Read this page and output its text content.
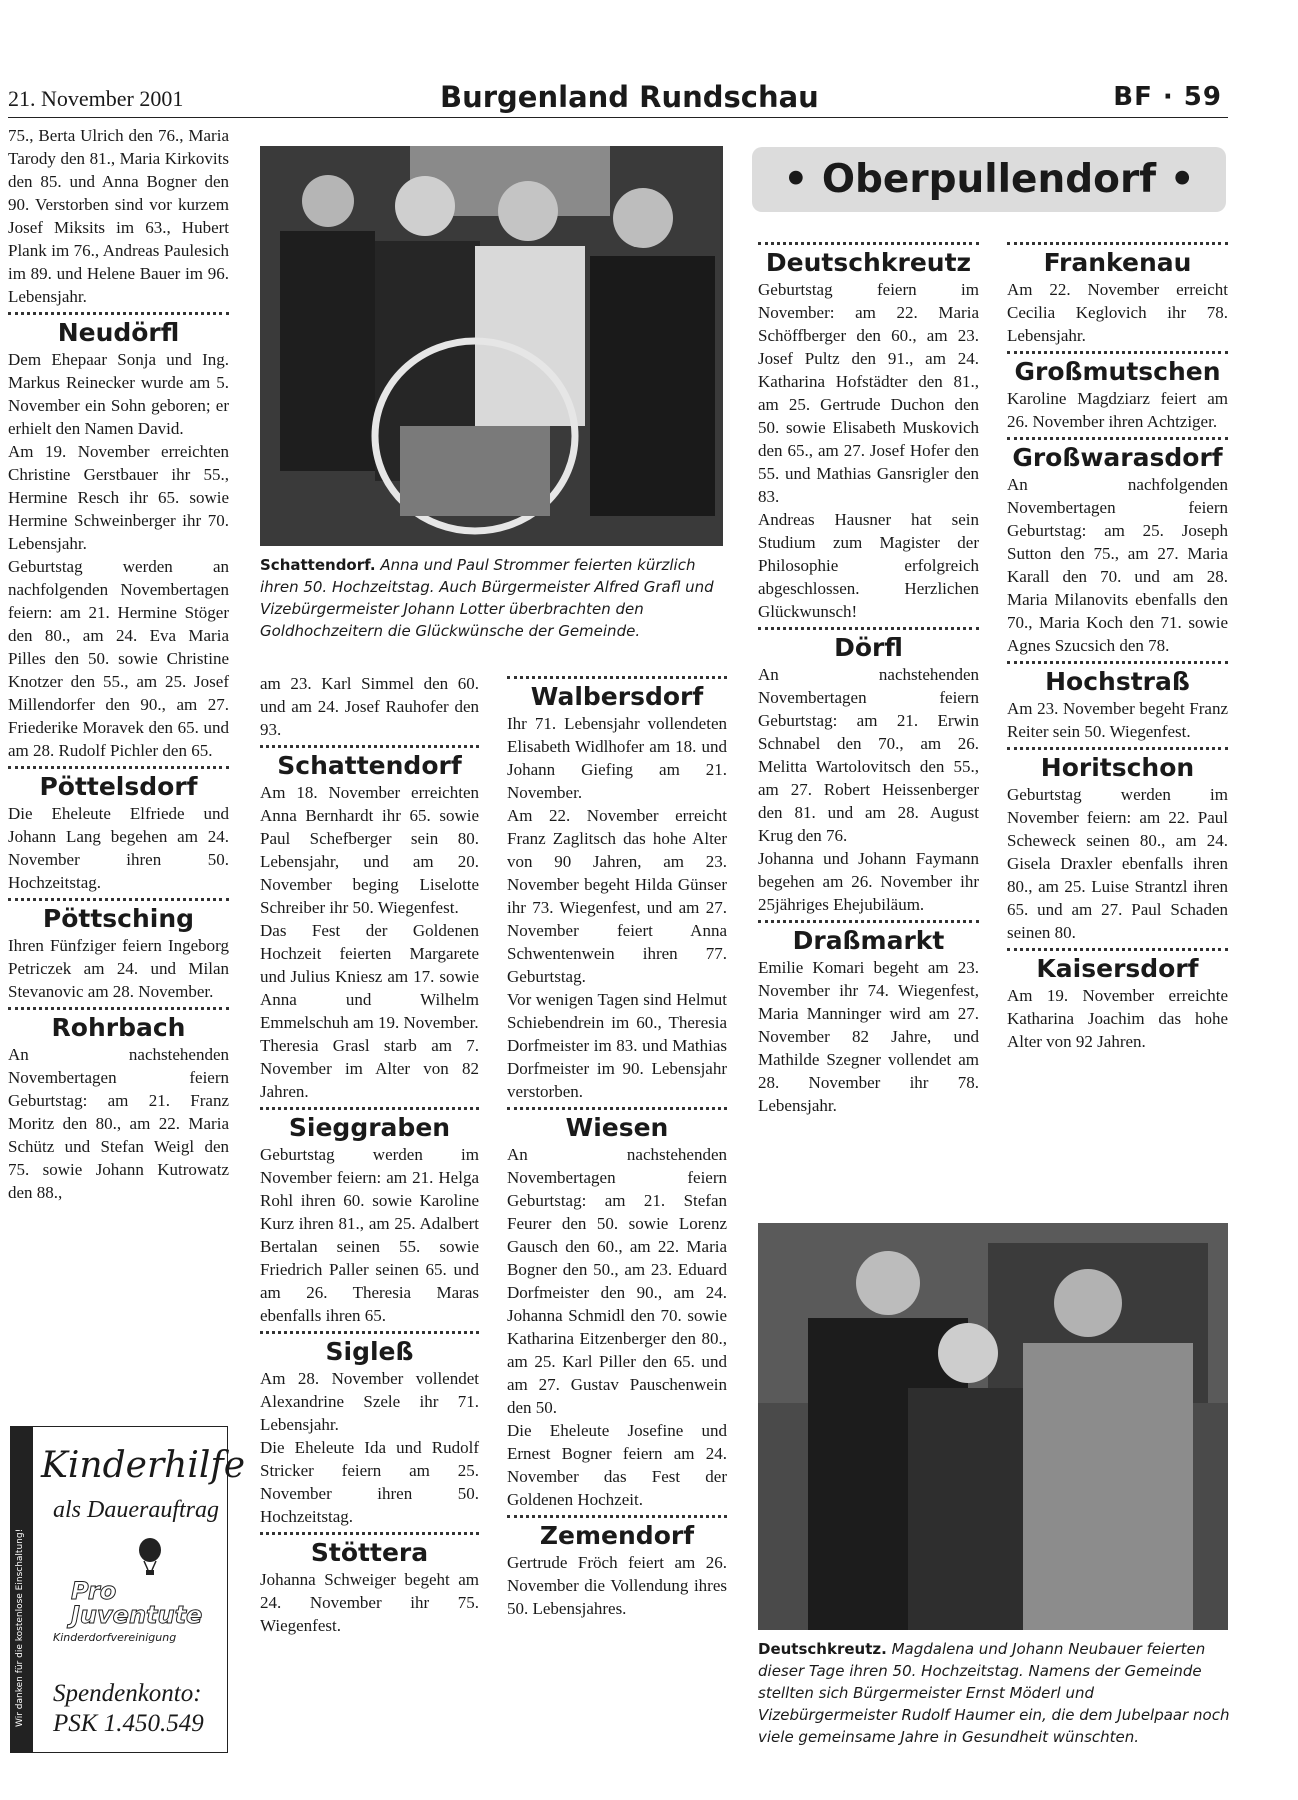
21. November 2001	Burgenland Rundschau	BF · 59

75., Berta Ulrich den 76., Maria Tarody den 81., Maria Kirkovits den 85. und Anna Bogner den 90. Verstorben sind vor kurzem Josef Miksits im 63., Hubert Plank im 76., Andreas Paulesich im 89. und Helene Bauer im 96. Lebensjahr.

Neudörfl

Dem Ehepaar Sonja und Ing. Markus Reinecker wurde am 5. November ein Sohn geboren; er erhielt den Namen David.

Am 19. November erreichten Christine Gerstbauer ihr 55., Hermine Resch ihr 65. sowie Hermine Schweinberger ihr 70. Lebensjahr.

Geburtstag werden an nachfolgenden Novembertagen feiern: am 21. Hermine Stöger den 80., am 24. Eva Maria Pilles den 50. sowie Christine Knotzer den 55., am 25. Josef Millendorfer den 90., am 27. Friederike Moravek den 65. und am 28. Rudolf Pichler den 65.

Pöttelsdorf

Die Eheleute Elfriede und Johann Lang begehen am 24. November ihren 50. Hochzeitstag.

Pöttsching

Ihren Fünfziger feiern Ingeborg Petriczek am 24. und Milan Stevanovic am 28. November.

Rohrbach

An nachstehenden Novembertagen feiern Geburtstag: am 21. Franz Moritz den 80., am 22. Maria Schütz und Stefan Weigl den 75. sowie Johann Kutrowatz den 88.,

Wir danken für die kostenlose Einschaltung!
Kinderhilfe
als Dauerauftrag
Pro
Juventute
Kinderdorfvereinigung
Spendenkonto:
PSK 1.450.549
Schattendorf. Anna und Paul Strommer feierten kürzlich ihren 50. Hochzeitstag. Auch Bürgermeister Alfred Grafl und Vizebürgermeister Johann Lotter überbrachten den Goldhochzeitern die Glückwünsche der Gemeinde.

am 23. Karl Simmel den 60. und am 24. Josef Rauhofer den 93.

Schattendorf

Am 18. November erreichten Anna Bernhardt ihr 65. sowie Paul Schefberger sein 80. Lebensjahr, und am 20. November beging Liselotte Schreiber ihr 50. Wiegenfest.

Das Fest der Goldenen Hochzeit feierten Margarete und Julius Kniesz am 17. sowie Anna und Wilhelm Emmelschuh am 19. November.

Theresia Grasl starb am 7. November im Alter von 82 Jahren.

Sieggraben

Geburtstag werden im November feiern: am 21. Helga Rohl ihren 60. sowie Karoline Kurz ihren 81., am 25. Adalbert Bertalan seinen 55. sowie Friedrich Paller seinen 65. und am 26. Theresia Maras ebenfalls ihren 65.

Sigleß

Am 28. November vollendet Alexandrine Szele ihr 71. Lebensjahr.

Die Eheleute Ida und Rudolf Stricker feiern am 25. November ihren 50. Hochzeitstag.

Stöttera

Johanna Schweiger begeht am 24. November ihr 75. Wiegenfest.

Walbersdorf

Ihr 71. Lebensjahr vollendeten Elisabeth Widlhofer am 18. und Johann Giefing am 21. November.

Am 22. November erreicht Franz Zaglitsch das hohe Alter von 90 Jahren, am 23. November begeht Hilda Günser ihr 73. Wiegenfest, und am 27. November feiert Anna Schwentenwein ihren 77. Geburtstag.

Vor wenigen Tagen sind Helmut Schiebendrein im 60., Theresia Dorfmeister im 83. und Mathias Dorfmeister im 90. Lebensjahr verstorben.

Wiesen

An nachstehenden Novembertagen feiern Geburtstag: am 21. Stefan Feurer den 50. sowie Lorenz Gausch den 60., am 22. Maria Bogner den 50., am 23. Eduard Dorfmeister den 90., am 24. Johanna Schmidl den 70. sowie Katharina Eitzenberger den 80., am 25. Karl Piller den 65. und am 27. Gustav Pauschenwein den 50.

Die Eheleute Josefine und Ernest Bogner feiern am 24. November das Fest der Goldenen Hochzeit.

Zemendorf

Gertrude Fröch feiert am 26. November die Vollendung ihres 50. Lebensjahres.

• Oberpullendorf •
Deutschkreutz

Geburtstag feiern im November: am 22. Maria Schöffberger den 60., am 23. Josef Pultz den 91., am 24. Katharina Hofstädter den 81., am 25. Gertrude Duchon den 50. sowie Elisabeth Muskovich den 65., am 27. Josef Hofer den 55. und Mathias Gansrigler den 83.

Andreas Hausner hat sein Studium zum Magister der Philosophie erfolgreich abgeschlossen. Herzlichen Glückwunsch!

Dörfl

An nachstehenden Novembertagen feiern Geburtstag: am 21. Erwin Schnabel den 70., am 26. Melitta Wartolovitsch den 55., am 27. Robert Heissenberger den 81. und am 28. August Krug den 76.

Johanna und Johann Faymann begehen am 26. November ihr 25jähriges Ehejubiläum.

Draßmarkt

Emilie Komari begeht am 23. November ihr 74. Wiegenfest, Maria Manninger wird am 27. November 82 Jahre, und Mathilde Szegner vollendet am 28. November ihr 78. Lebensjahr.

Frankenau

Am 22. November erreicht Cecilia Keglovich ihr 78. Lebensjahr.

Großmutschen

Karoline Magdziarz feiert am 26. November ihren Achtziger.

Großwarasdorf

An nachfolgenden Novembertagen feiern Geburtstag: am 25. Joseph Sutton den 75., am 27. Maria Karall den 70. und am 28. Maria Milanovits ebenfalls den 70., Maria Koch den 71. sowie Agnes Szucsich den 78.

Hochstraß

Am 23. November begeht Franz Reiter sein 50. Wiegenfest.

Horitschon

Geburtstag werden im November feiern: am 22. Paul Scheweck seinen 80., am 24. Gisela Draxler ebenfalls ihren 80., am 25. Luise Strantzl ihren 65. und am 27. Paul Schaden seinen 80.

Kaisersdorf

Am 19. November erreichte Katharina Joachim das hohe Alter von 92 Jahren.

Deutschkreutz. Magdalena und Johann Neubauer feierten dieser Tage ihren 50. Hochzeitstag. Namens der Gemeinde stellten sich Bürgermeister Ernst Möderl und Vizebürgermeister Rudolf Haumer ein, die dem Jubelpaar noch viele gemeinsame Jahre in Gesundheit wünschten.
